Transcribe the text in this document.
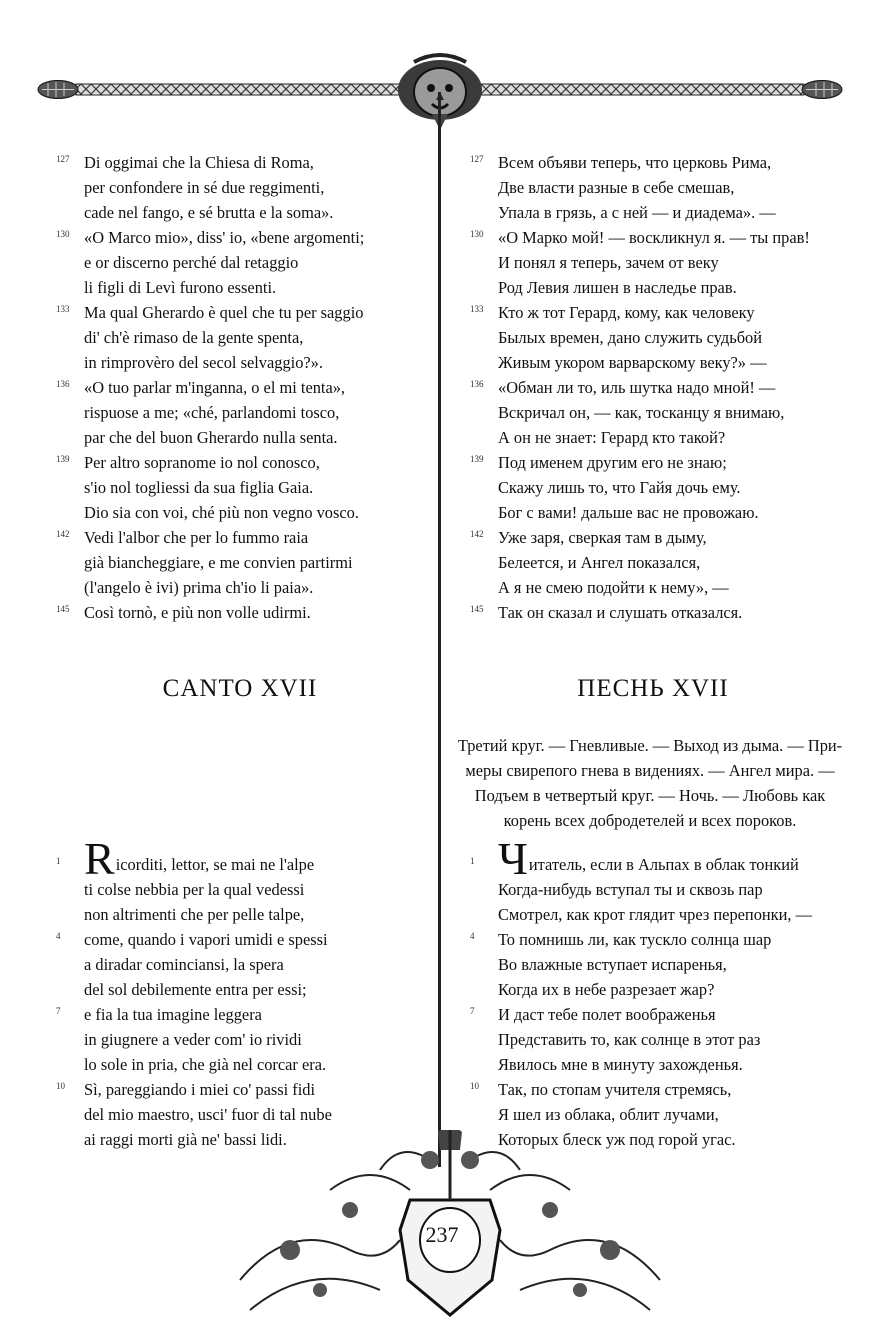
127 Di oggimai che la Chiesa di Roma,
per confondere in sé due reggimenti,
cade nel fango, e sé brutta e la soma».
130 «O Marco mio», diss' io, «bene argomenti;
e or discerno perché dal retaggio
li figli di Levì furono essenti.
133 Ma qual Gherardo è quel che tu per saggio
di' ch'è rimaso de la gente spenta,
in rimprovèro del secol selvaggio?».
136 «O tuo parlar m'inganna, o el mi tenta»,
rispuose a me; «ché, parlandomi tosco,
par che del buon Gherardo nulla senta.
139 Per altro sopranome io nol conosco,
s'io nol togliessi da sua figlia Gaia.
Dio sia con voi, ché più non vegno vosco.
142 Vedi l'albor che per lo fummo raia
già biancheggiare, e me convien partirmi
(l'angelo è ivi) prima ch'io li paia».
145 Così tornò, e più non volle udirmi.
127 Всем объяви теперь, что церковь Рима,
Две власти разные в себе смешав,
Упала в грязь, а с ней — и диадема». —
130 «О Марко мой! — воскликнул я. — ты прав!
И понял я теперь, зачем от веку
Род Левия лишен в наследье прав.
133 Кто ж тот Герард, кому, как человеку
Былых времен, дано служить судьбой
Живым укором варварскому веку?» —
136 «Обман ли то, иль шутка надо мной! —
Вскричал он, — как, тосканцу я внимаю,
А он не знает: Герард кто такой?
139 Под именем другим его не знаю;
Скажу лишь то, что Гайя дочь ему.
Бог с вами! дальше вас не провожаю.
142 Уже заря, сверкая там в дыму,
Белеется, и Ангел показался,
А я не смею подойти к нему», —
145 Так он сказал и слушать отказался.
CANTO XVII	ПЕСНЬ XVII
Третий круг. — Гневливые. — Выход из дыма. — При-
меры свирепого гнева в видениях. — Ангел мира. —
Подъем в четвертый круг. — Ночь. — Любовь как
корень всех добродетелей и всех пороков.
1 Ricorditi, lettor, se mai ne l'alpe
ti colse nebbia per la qual vedessi
non altrimenti che per pelle talpe,
4	come, quando i vapori umidi e spessi
a diradar cominciansi, la spera
del sol debilemente entra per essi;
7	e fia la tua imagine leggera
in giugnere a veder com' io rividi
lo sole in pria, che già nel corcar era.
10	Sì, pareggiando i miei co' passi fidi
del mio maestro, usci' fuor di tal nube
ai raggi morti già ne' bassi lidi.
1 Читатель, если в Альпах в облак тонкий
Когда-нибудь вступал ты и сквозь пар
Смотрел, как крот глядит чрез перепонки, —
4	То помнишь ли, как тускло солнца шар
Во влажные вступает испаренья,
Когда их в небе разрезает жар?
7	И даст тебе полет воображенья
Представить то, как солнце в этот раз
Явилось мне в минуту захожденья.
10	Так, по стопам учителя стремясь,
Я шел из облака, облит лучами,
Которых блеск уж под горой угас.
237
